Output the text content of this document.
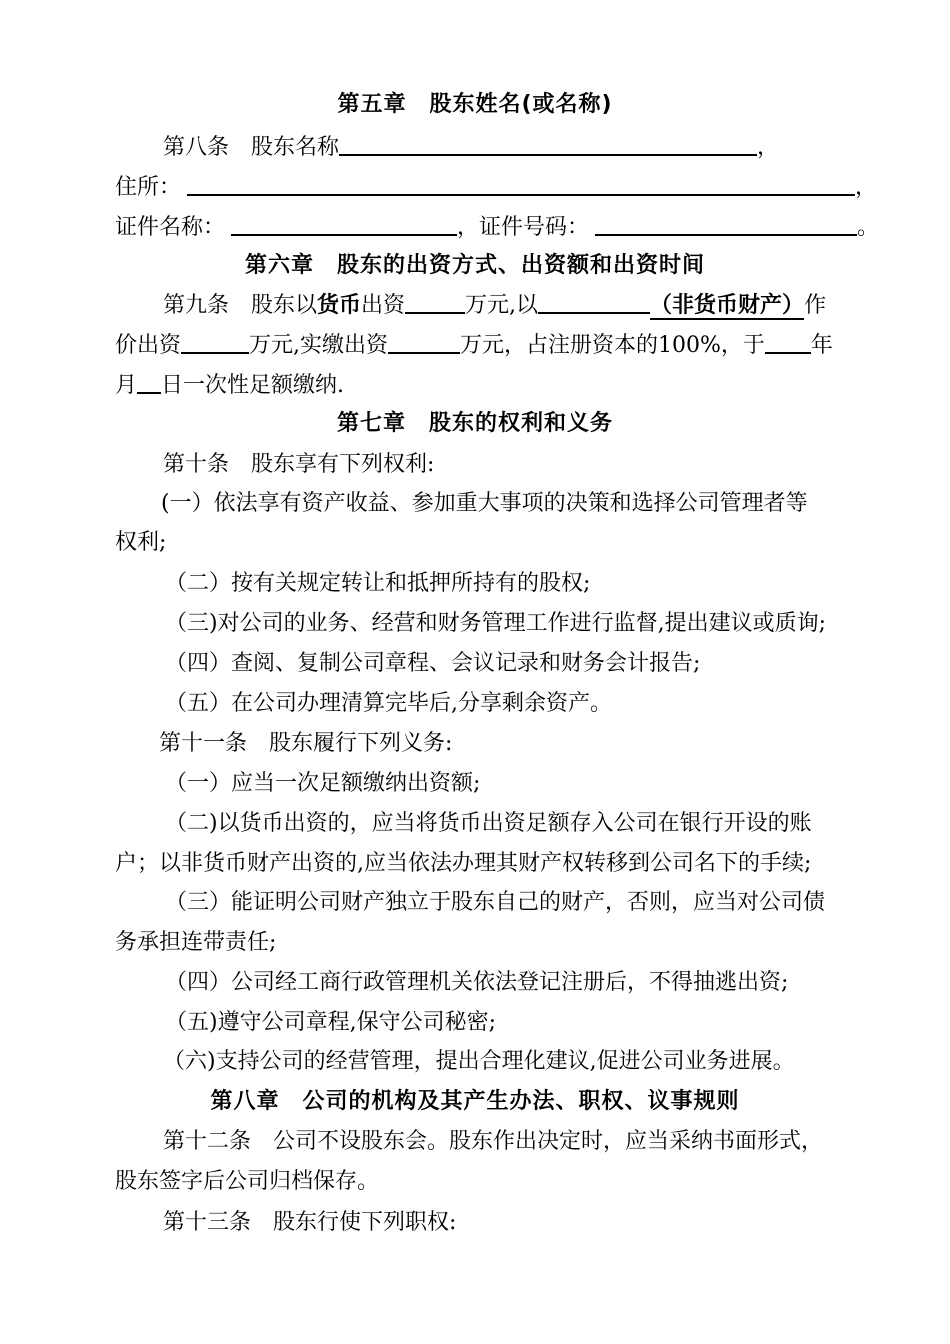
第五章　股东姓名(或名称)
第八条　股东名称	，
住所：	，
证件名称：	，证件号码：	。
第六章　股东的出资方式、出资额和出资时间
第九条　股东以货币出资	万元,以	（非货币财产）作
价出资	万元,实缴出资	万元，占注册资本的100%，于 年
月 日一次性足额缴纳.
第七章　股东的权利和义务
第十条　股东享有下列权利:
(一）依法享有资产收益、参加重大事项的决策和选择公司管理者等
权利;
（二）按有关规定转让和抵押所持有的股权;
（三)对公司的业务、经营和财务管理工作进行监督,提出建议或质询;
（四）查阅、复制公司章程、会议记录和财务会计报告;
（五）在公司办理清算完毕后,分享剩余资产。
第十一条　股东履行下列义务:
（一）应当一次足额缴纳出资额;
（二)以货币出资的，应当将货币出资足额存入公司在银行开设的账
户；以非货币财产出资的,应当依法办理其财产权转移到公司名下的手续;
（三）能证明公司财产独立于股东自己的财产，否则，应当对公司债
务承担连带责任;
（四）公司经工商行政管理机关依法登记注册后，不得抽逃出资;
（五)遵守公司章程,保守公司秘密;
（六)支持公司的经营管理，提出合理化建议,促进公司业务进展。
第八章　公司的机构及其产生办法、职权、议事规则
第十二条　公司不设股东会。股东作出决定时，应当采纳书面形式，
股东签字后公司归档保存。
第十三条　股东行使下列职权:
